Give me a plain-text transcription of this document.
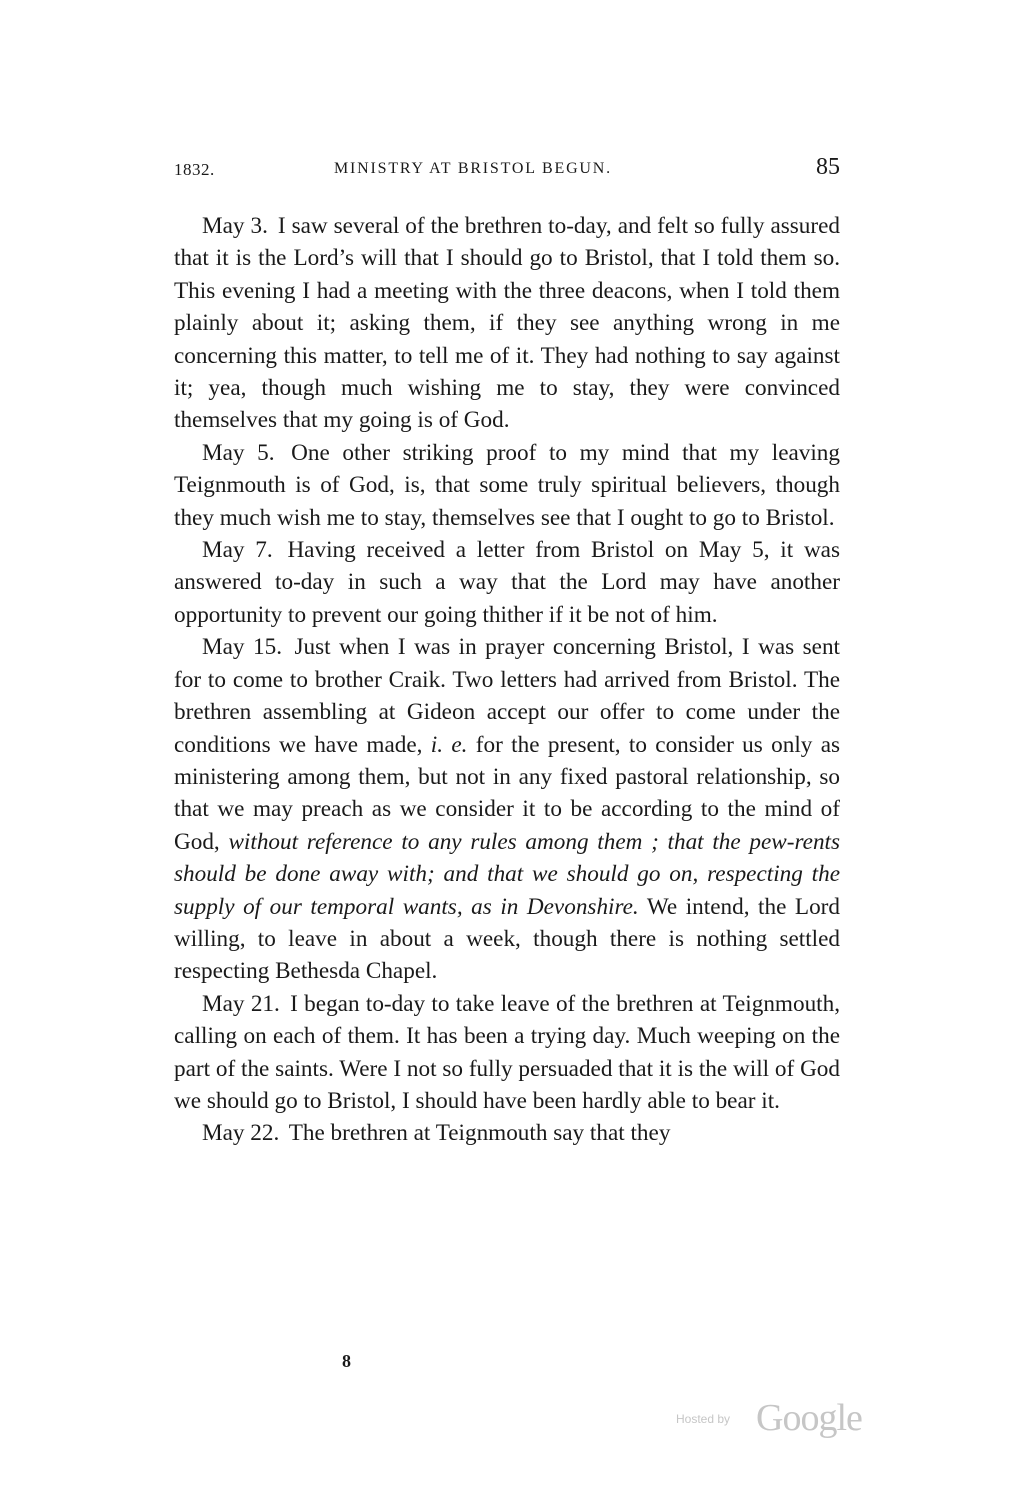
1832.	MINISTRY AT BRISTOL BEGUN.	85

May 3. I saw several of the brethren to-day, and felt so fully assured that it is the Lord’s will that I should go to Bristol, that I told them so. This evening I had a meeting with the three deacons, when I told them plainly about it; asking them, if they see anything wrong in me concerning this matter, to tell me of it. They had nothing to say against it; yea, though much wishing me to stay, they were convinced themselves that my going is of God.

May 5. One other striking proof to my mind that my leaving Teignmouth is of God, is, that some truly spiritual believers, though they much wish me to stay, themselves see that I ought to go to Bristol.

May 7. Having received a letter from Bristol on May 5, it was answered to-day in such a way that the Lord may have another opportunity to prevent our going thither if it be not of him.

May 15. Just when I was in prayer concerning Bristol, I was sent for to come to brother Craik. Two letters had arrived from Bristol. The brethren assembling at Gideon accept our offer to come under the conditions we have made, i. e. for the present, to consider us only as ministering among them, but not in any fixed pastoral relationship, so that we may preach as we consider it to be according to the mind of God, without reference to any rules among them ; that the pew-rents should be done away with; and that we should go on, respecting the supply of our temporal wants, as in Devonshire. We intend, the Lord willing, to leave in about a week, though there is nothing settled respecting Bethesda Chapel.

May 21. I began to-day to take leave of the brethren at Teignmouth, calling on each of them. It has been a trying day. Much weeping on the part of the saints. Were I not so fully persuaded that it is the will of God we should go to Bristol, I should have been hardly able to bear it.

May 22. The brethren at Teignmouth say that they

8
Hosted by Google
